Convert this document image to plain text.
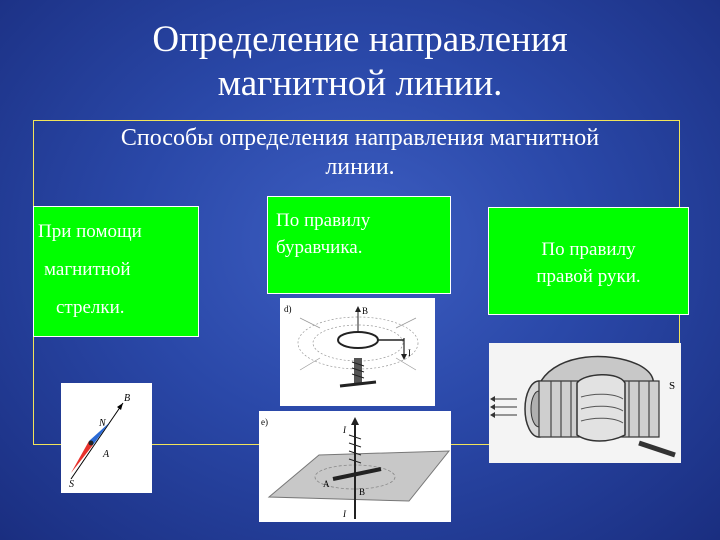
Определение направления
магнитной линии.
Способы определения направления магнитной
линии.
При помощи
магнитной
стрелки.
По правилу
буравчика.	По правилу
правой руки.
B
N
A
S
d)
I
B
e)
I
A
B
I
S
